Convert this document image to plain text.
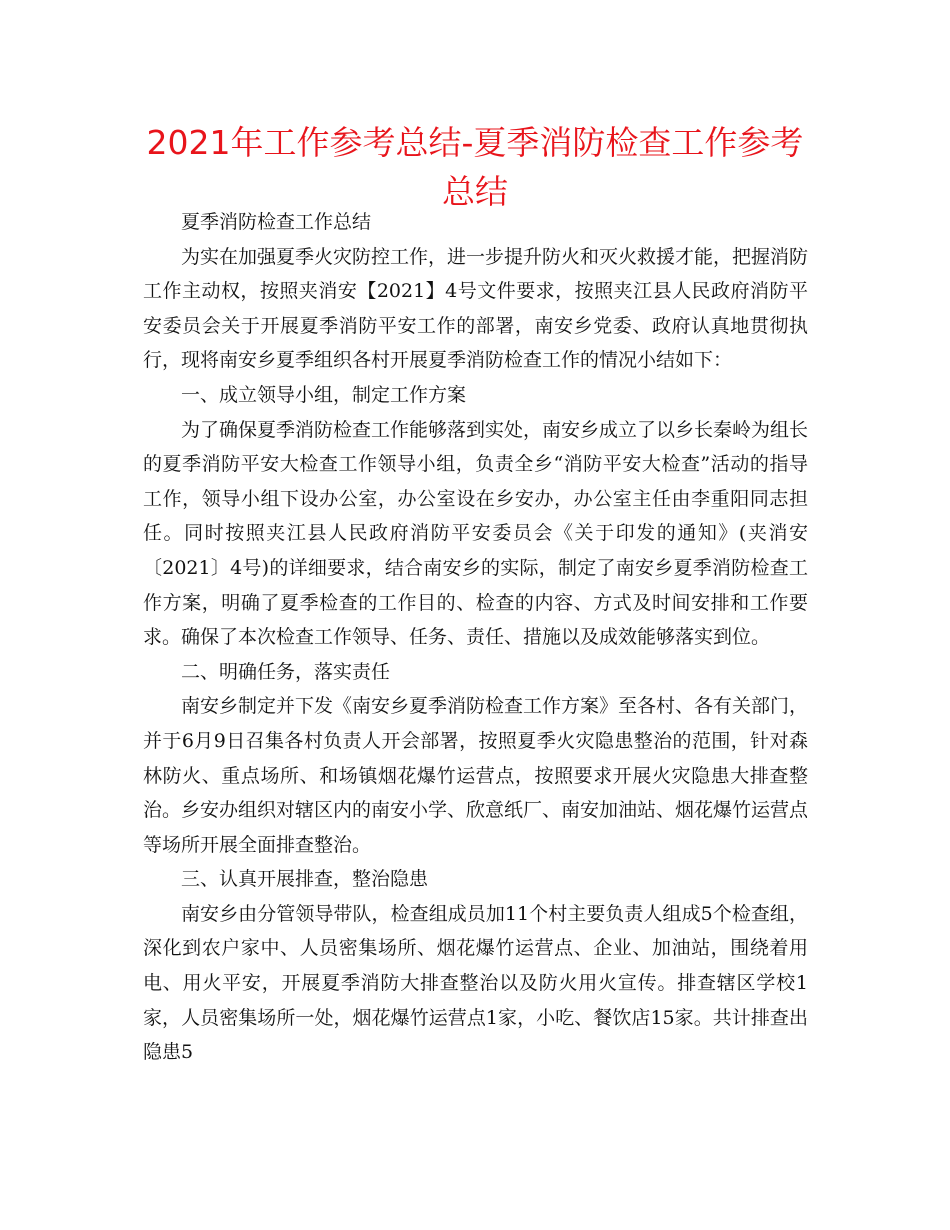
2021年工作参考总结-夏季消防检查工作参考总结

夏季消防检查工作总结

为实在加强夏季火灾防控工作，进一步提升防火和灭火救援才能，把握消防工作主动权，按照夹消安【2021】4号文件要求，按照夹江县人民政府消防平安委员会关于开展夏季消防平安工作的部署，南安乡党委、政府认真地贯彻执行，现将南安乡夏季组织各村开展夏季消防检查工作的情况小结如下：

一、成立领导小组，制定工作方案

为了确保夏季消防检查工作能够落到实处，南安乡成立了以乡长秦岭为组长的夏季消防平安大检查工作领导小组，负责全乡“消防平安大检查”活动的指导工作，领导小组下设办公室，办公室设在乡安办，办公室主任由李重阳同志担任。同时按照夹江县人民政府消防平安委员会《关于印发的通知》(夹消安〔2021〕4号)的详细要求，结合南安乡的实际，制定了南安乡夏季消防检查工作方案，明确了夏季检查的工作目的、检查的内容、方式及时间安排和工作要求。确保了本次检查工作领导、任务、责任、措施以及成效能够落实到位。

二、明确任务，落实责任

南安乡制定并下发《南安乡夏季消防检查工作方案》至各村、各有关部门，并于6月9日召集各村负责人开会部署，按照夏季火灾隐患整治的范围，针对森林防火、重点场所、和场镇烟花爆竹运营点，按照要求开展火灾隐患大排查整治。乡安办组织对辖区内的南安小学、欣意纸厂、南安加油站、烟花爆竹运营点等场所开展全面排查整治。

三、认真开展排查，整治隐患

南安乡由分管领导带队，检查组成员加11个村主要负责人组成5个检查组，深化到农户家中、人员密集场所、烟花爆竹运营点、企业、加油站，围绕着用电、用火平安，开展夏季消防大排查整治以及防火用火宣传。排查辖区学校1家，人员密集场所一处，烟花爆竹运营点1家，小吃、餐饮店15家。共计排查出隐患5
